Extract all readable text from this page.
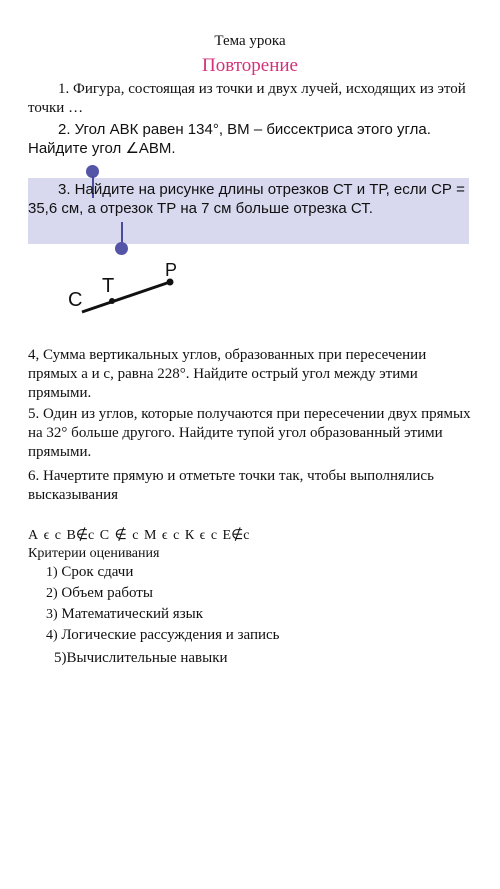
Тема урока
Повторение
1. Фигура, состоящая из точки и двух лучей, исходящих из этой точки …
2. Угол АВК равен 134°, ВМ – биссектриса этого угла. Найдите угол ∠АВМ.
3. Найдите на рисунке длины отрезков СТ и ТР, если СР = 35,6 см, а отрезок ТР на 7 см больше отрезка СТ.
С
Т
Р
4, Сумма вертикальных углов, образованных при пересечении прямых а и с, равна 228°. Найдите острый угол между этими прямыми.
5. Один из углов, которые получаются при пересечении двух прямых на 32° больше другого. Найдите тупой угол образованный этими прямыми.
6. Начертите прямую и отметьте точки так, чтобы выполнялись высказывания
А ϵ с В∉с С ∉ с М ϵ с К ϵ с Е∉с
Критерии оценивания
1) Срок сдачи
2) Объем работы
3) Математический язык
4) Логические рассуждения и запись
5)Вычислительные навыки
